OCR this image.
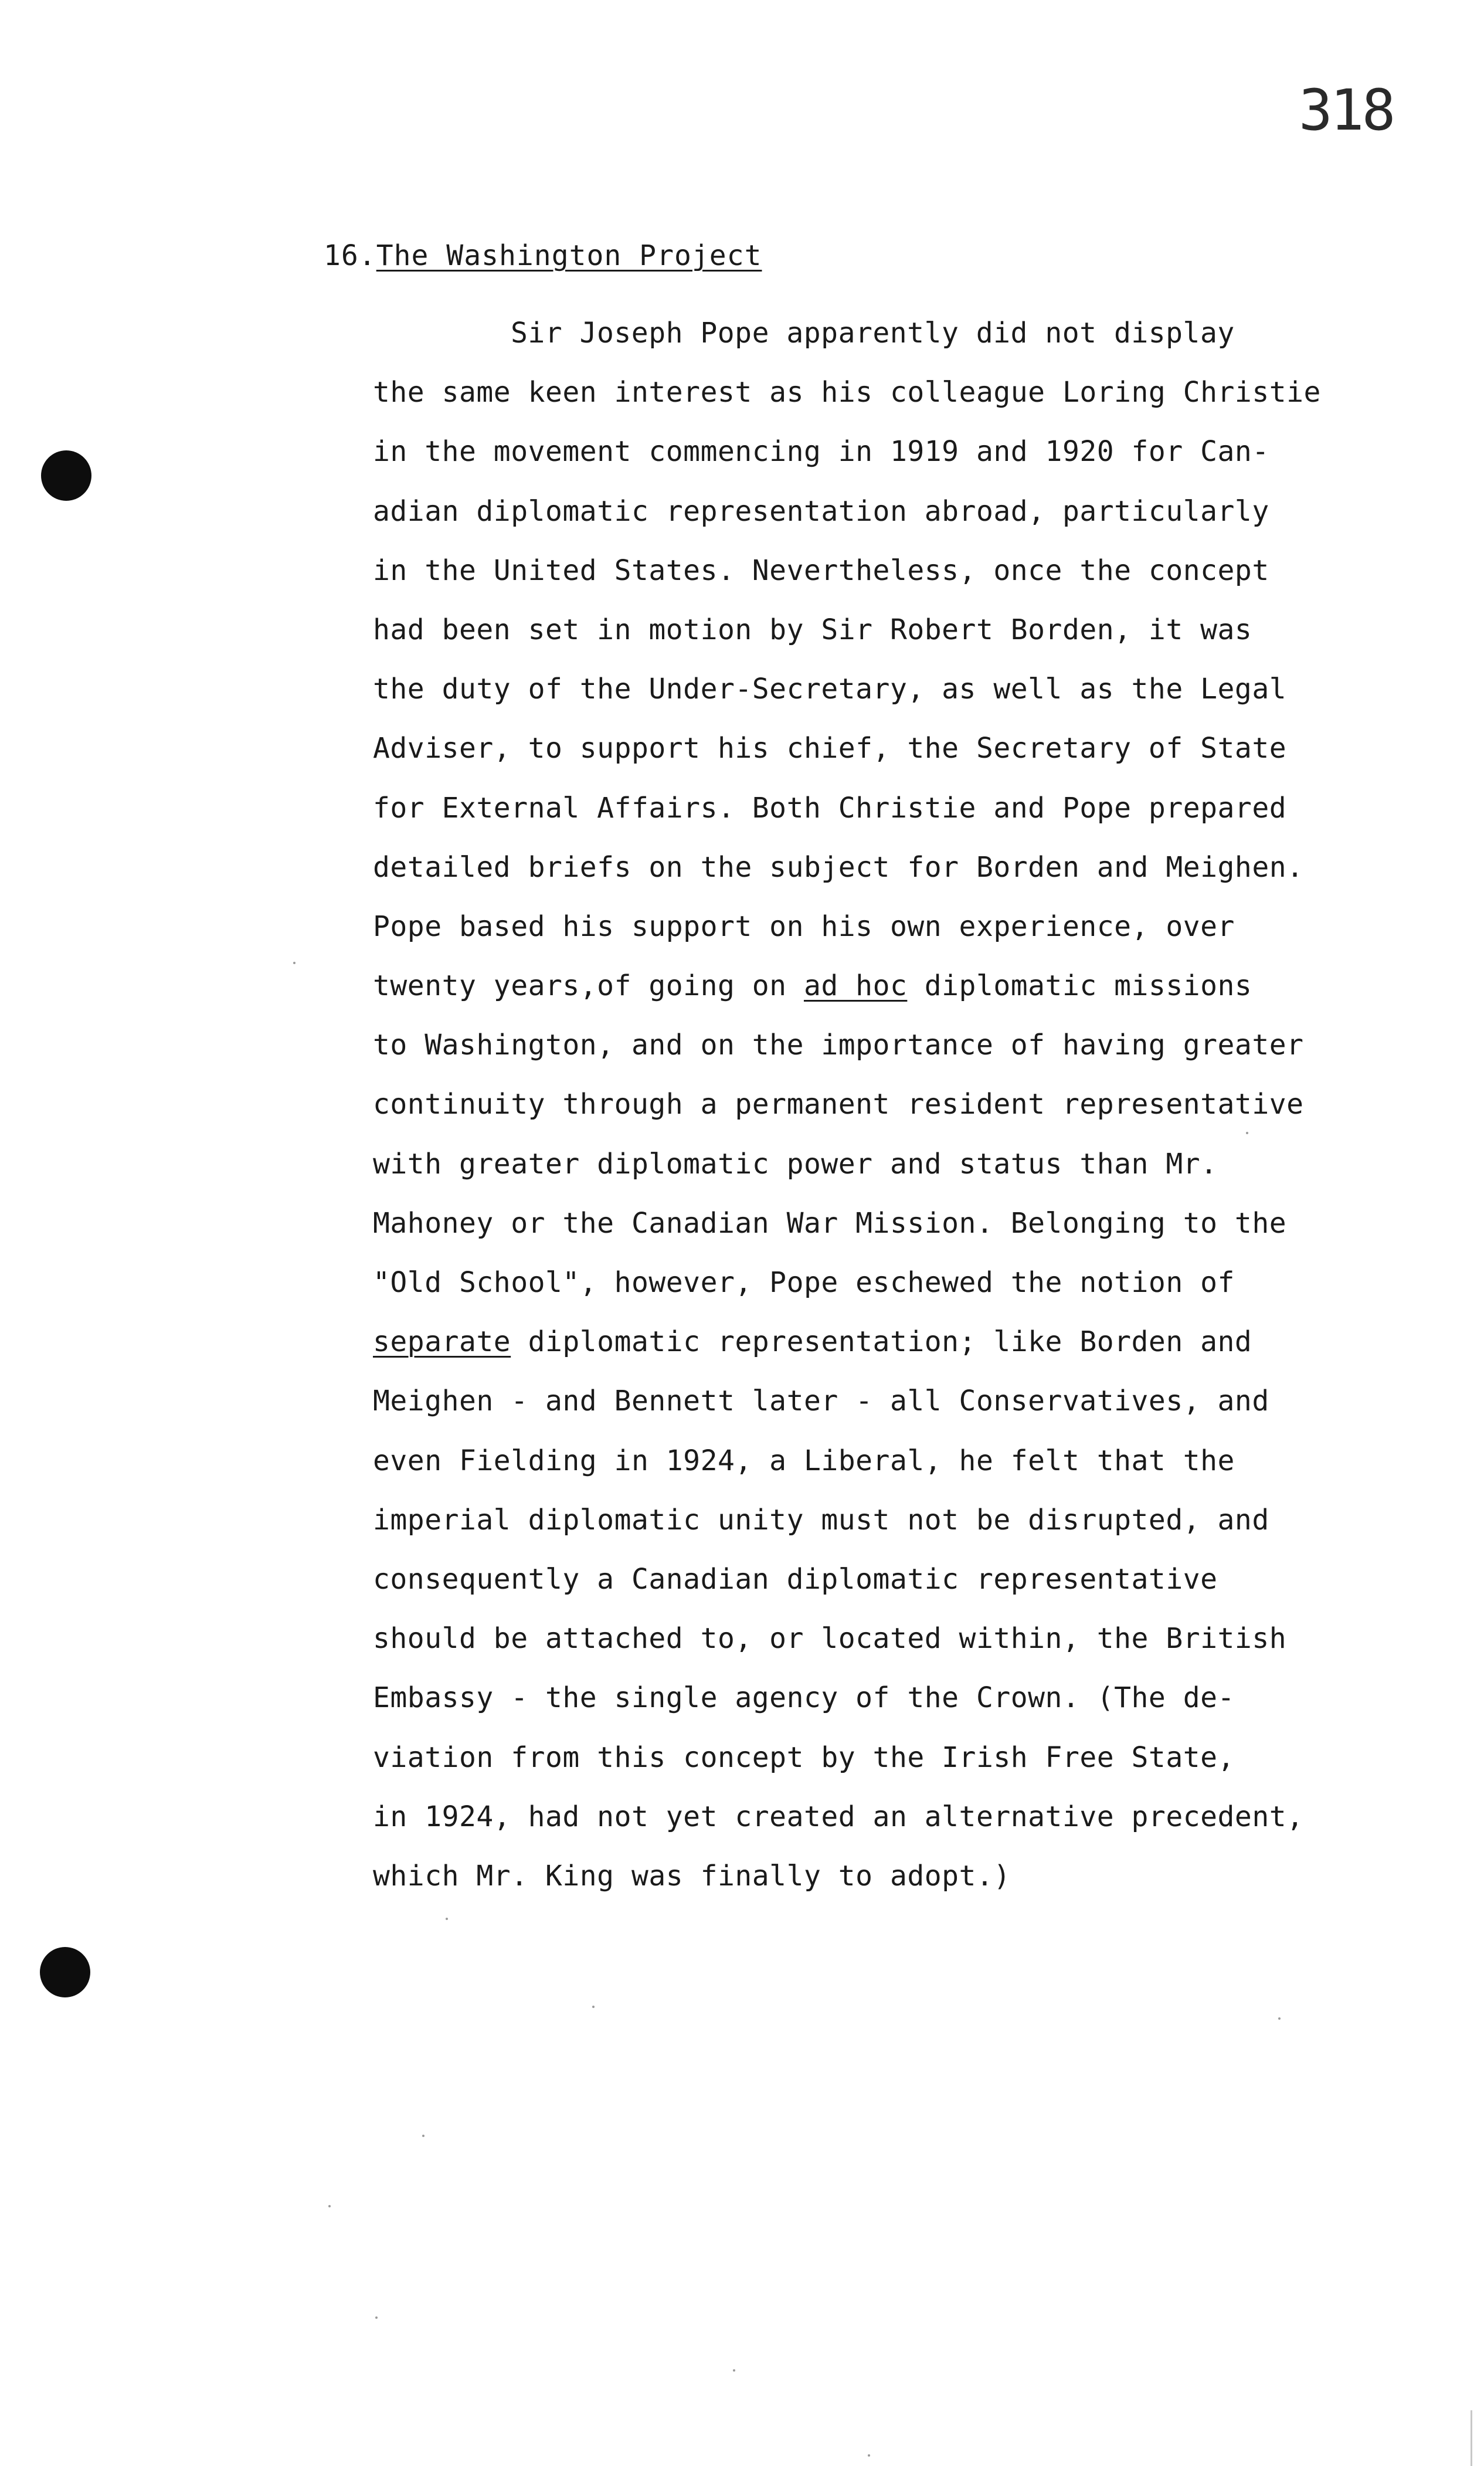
318
16.The Washington Project
Sir Joseph Pope apparently did not display
the same keen interest as his colleague Loring Christie
in the movement commencing in 1919 and 1920 for Can-
adian diplomatic representation abroad, particularly
in the United States. Nevertheless, once the concept
had been set in motion by Sir Robert Borden, it was
the duty of the Under-Secretary, as well as the Legal
Adviser, to support his chief, the Secretary of State
for External Affairs. Both Christie and Pope prepared
detailed briefs on the subject for Borden and Meighen.
Pope based his support on his own experience, over
twenty years,of going on ad hoc diplomatic missions
to Washington, and on the importance of having greater
continuity through a permanent resident representative
with greater diplomatic power and status than Mr.
Mahoney or the Canadian War Mission. Belonging to the
"Old School", however, Pope eschewed the notion of
separate diplomatic representation; like Borden and
Meighen - and Bennett later - all Conservatives, and
even Fielding in 1924, a Liberal, he felt that the
imperial diplomatic unity must not be disrupted, and
consequently a Canadian diplomatic representative
should be attached to, or located within, the British
Embassy - the single agency of the Crown. (The de-
viation from this concept by the Irish Free State,
in 1924, had not yet created an alternative precedent,
which Mr. King was finally to adopt.)
